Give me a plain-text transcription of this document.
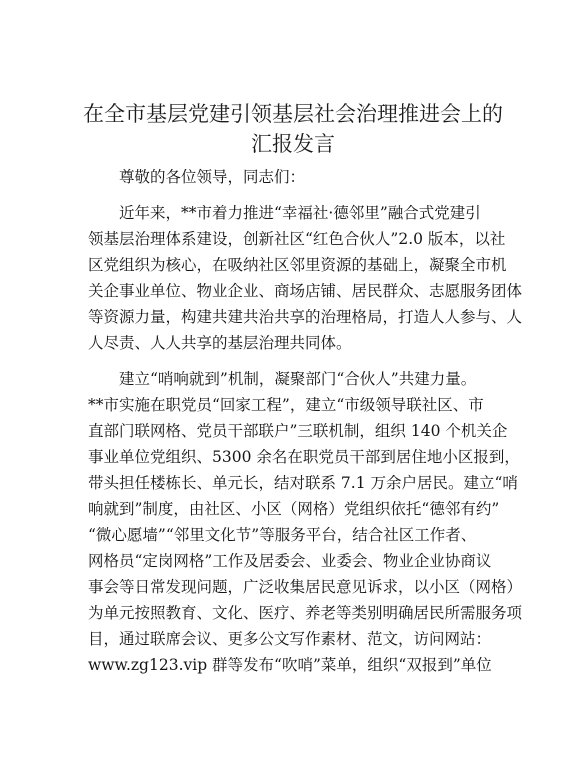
在全市基层党建引领基层社会治理推进会上的
汇报发言
尊敬的各位领导，同志们：
近年来，**市着力推进“幸福社·德邻里”融合式党建引
领基层治理体系建设，创新社区“红色合伙人”2.0 版本，以社
区党组织为核心，在吸纳社区邻里资源的基础上，凝聚全市机
关企事业单位、物业企业、商场店铺、居民群众、志愿服务团体
等资源力量，构建共建共治共享的治理格局，打造人人参与、人
人尽责、人人共享的基层治理共同体。
建立“哨响就到”机制，凝聚部门“合伙人”共建力量。
**市实施在职党员“回家工程”，建立“市级领导联社区、市
直部门联网格、党员干部联户”三联机制，组织 140 个机关企
事业单位党组织、5300 余名在职党员干部到居住地小区报到，
带头担任楼栋长、单元长，结对联系 7.1 万余户居民。建立“哨
响就到”制度，由社区、小区（网格）党组织依托“德邻有约”
“微心愿墙”“邻里文化节”等服务平台，结合社区工作者、
网格员“定岗网格”工作及居委会、业委会、物业企业协商议
事会等日常发现问题，广泛收集居民意见诉求，以小区（网格）
为单元按照教育、文化、医疗、养老等类别明确居民所需服务项
目，通过联席会议、更多公文写作素材、范文，访问网站：
www.zg123.vip 群等发布“吹哨”菜单，组织“双报到”单位
